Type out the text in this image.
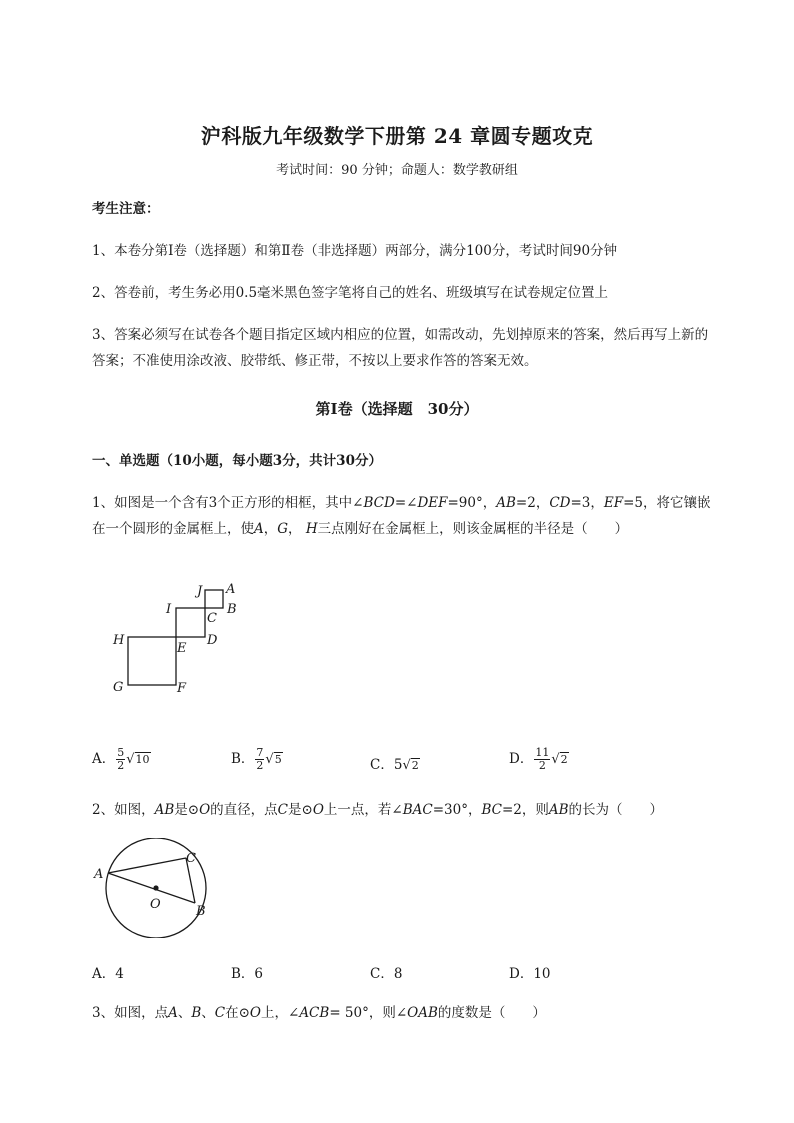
沪科版九年级数学下册第 24 章圆专题攻克
考试时间：90 分钟；命题人：数学教研组
考生注意：
1、本卷分第Ⅰ卷（选择题）和第Ⅱ卷（非选择题）两部分，满分100分，考试时间90分钟
2、答卷前，考生务必用0.5毫米黑色签字笔将自己的姓名、班级填写在试卷规定位置上
3、答案必须写在试卷各个题目指定区域内相应的位置，如需改动，先划掉原来的答案，然后再写上新的答案；不准使用涂改液、胶带纸、修正带，不按以上要求作答的答案无效。
第Ⅰ卷（选择题　30分）
一、单选题（10小题，每小题3分，共计30分）
1、如图是一个含有3个正方形的相框，其中∠BCD=∠DEF=90°，AB=2，CD=3，EF=5，将它镶嵌
在一个圆形的金属框上，使A，G， H三点刚好在金属框上，则该金属框的半径是（　　）
J A
I	B
C
H
E
D
G	F
A． $\frac{5}{2} √10$	B． $\frac{7}{2} √5$	C．5√2	D． $\frac{11}{2} √2$
2、如图，AB是⊙O的直径，点C是⊙O上一点，若∠BAC=30°，BC=2，则AB的长为（　　）
A
C
O	B
A．4	B．6	C．8	D．10
3、如图，点A、B、C在⊙O上，∠ACB= 50°，则∠OAB的度数是（　　）
